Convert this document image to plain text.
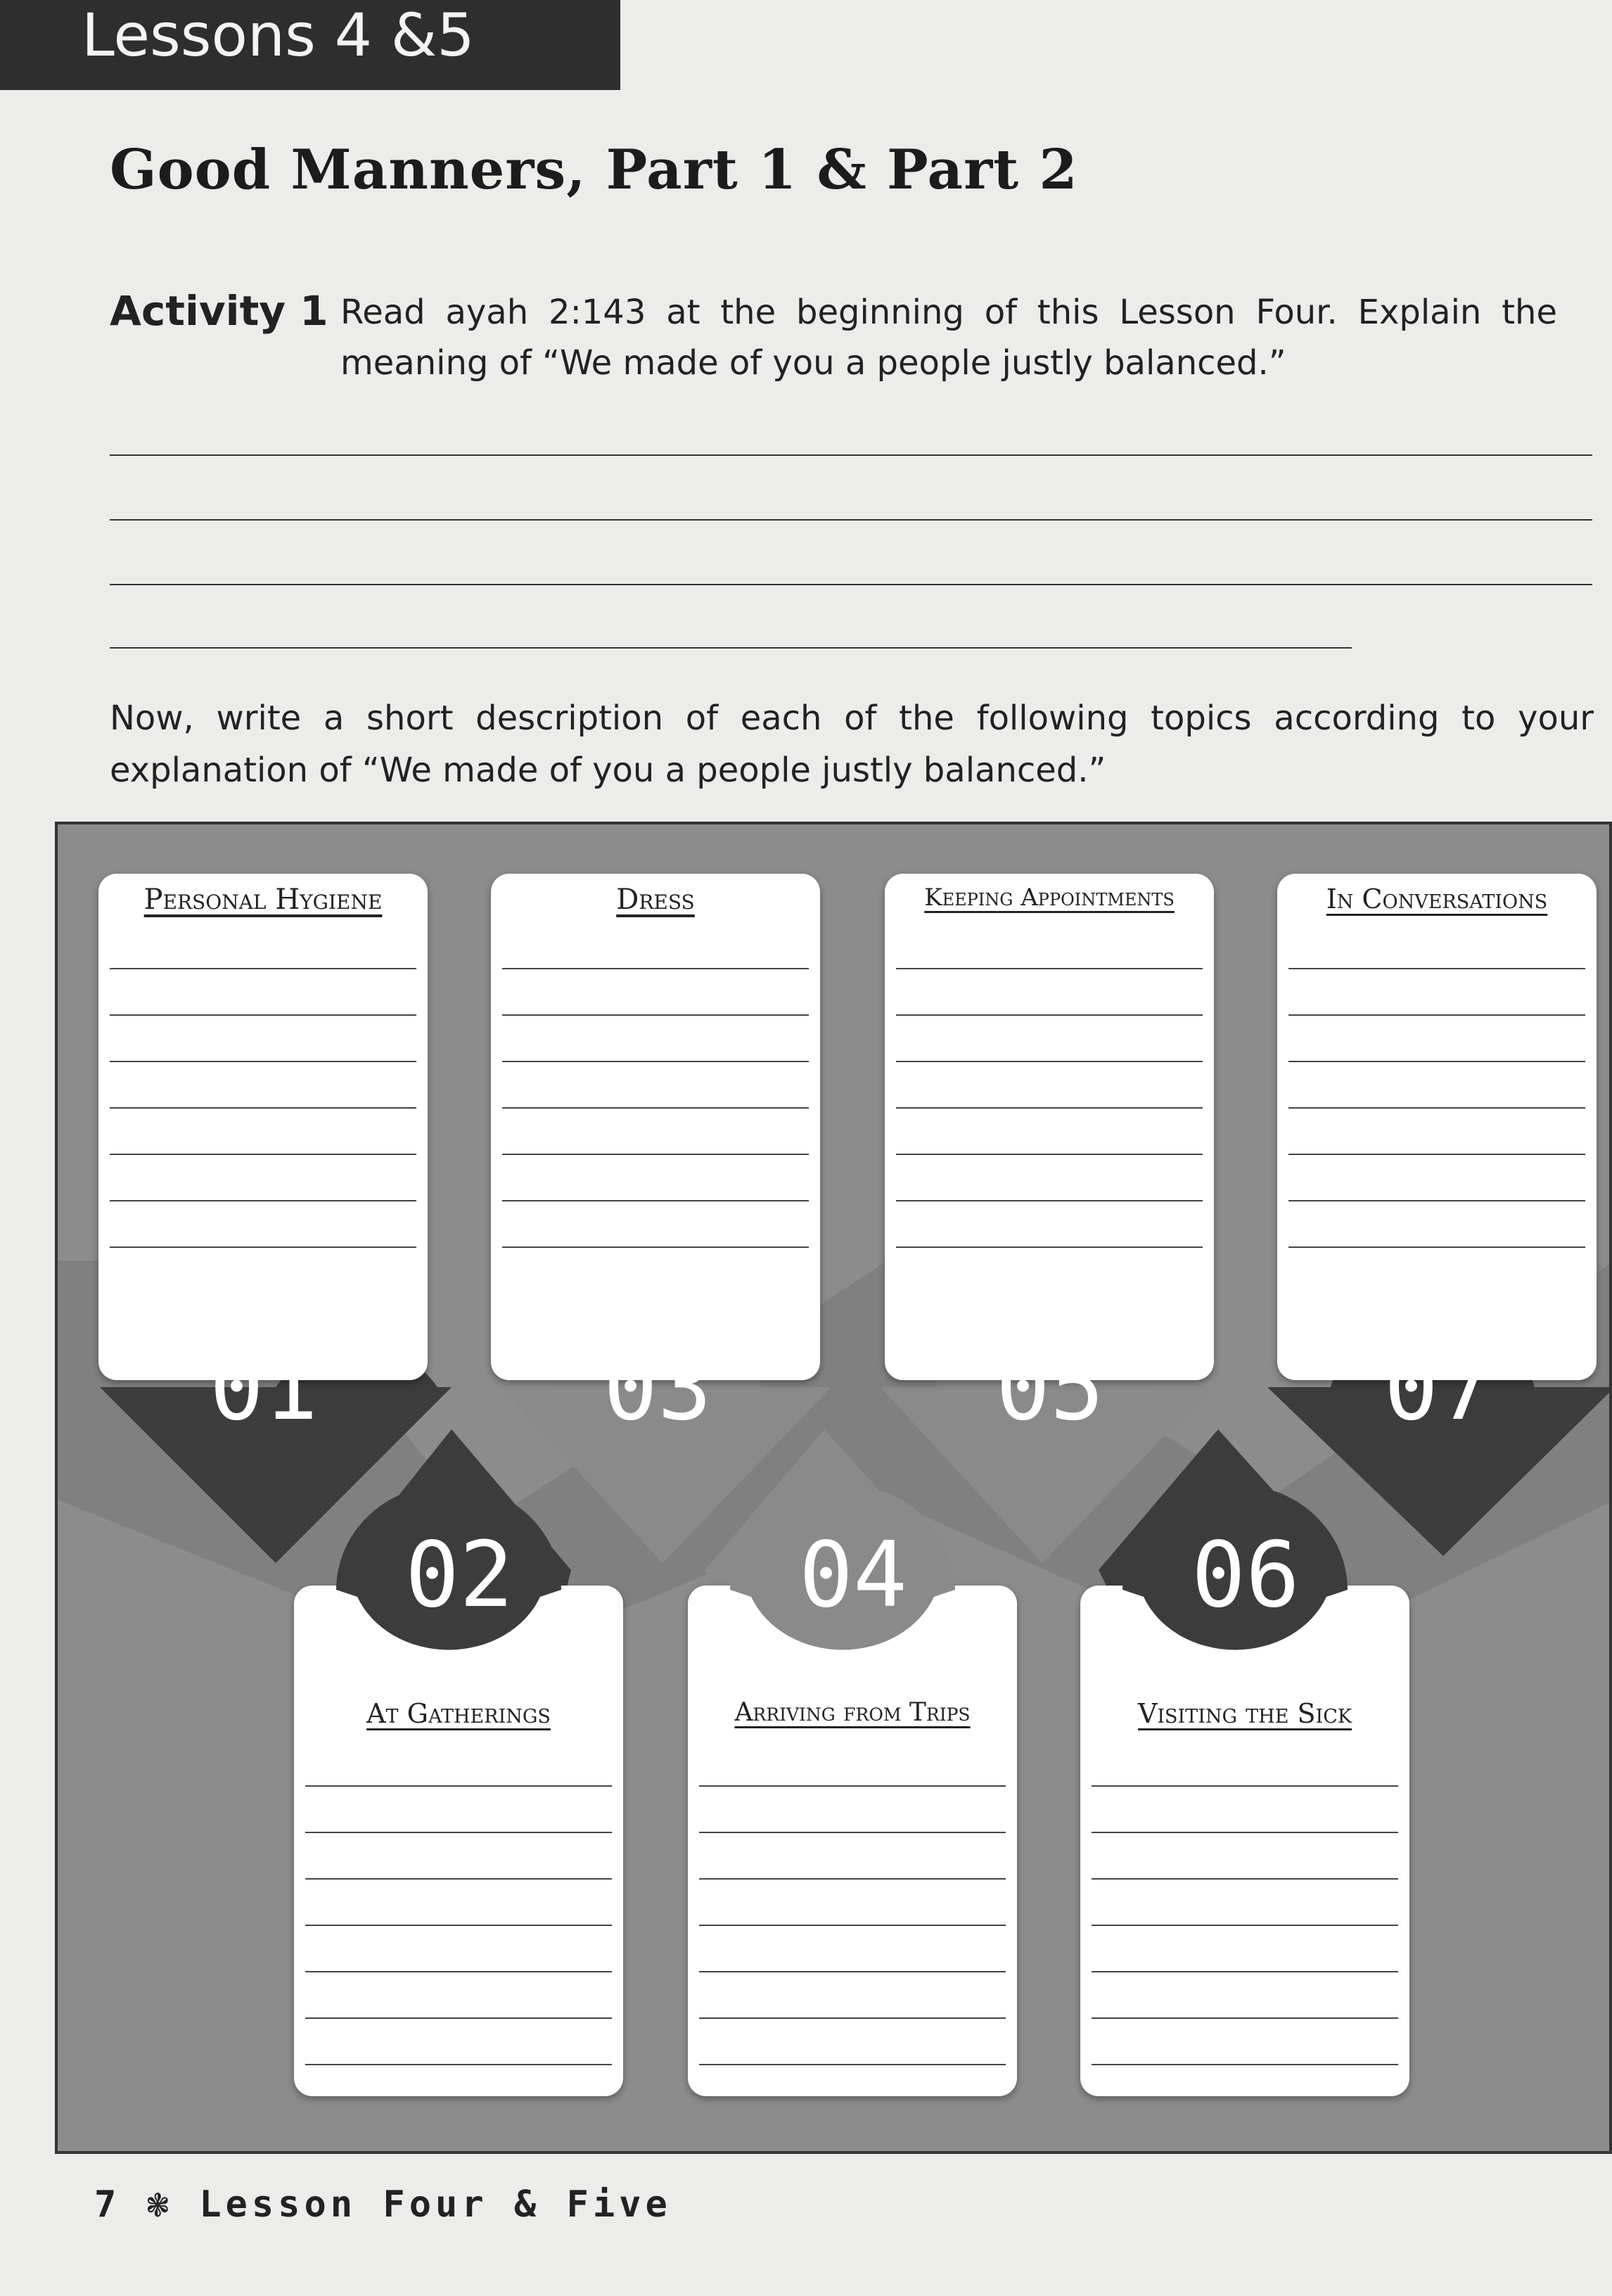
Lessons 4 &5
Good Manners, Part 1 & Part 2
Activity 1 Read ayah 2:143 at the beginning of this Lesson Four. Explain the meaning of “We made of you a people justly balanced.”
Now, write a short description of each of the following topics according to your explanation of “We made of you a people justly balanced.”
Personal Hygiene	Dress	Keeping Appointments	In Conversations
01	03	05	07
At Gatherings	Arriving from Trips	Visiting the Sick
02	04	06
7 ❃ Lesson Four & Five
